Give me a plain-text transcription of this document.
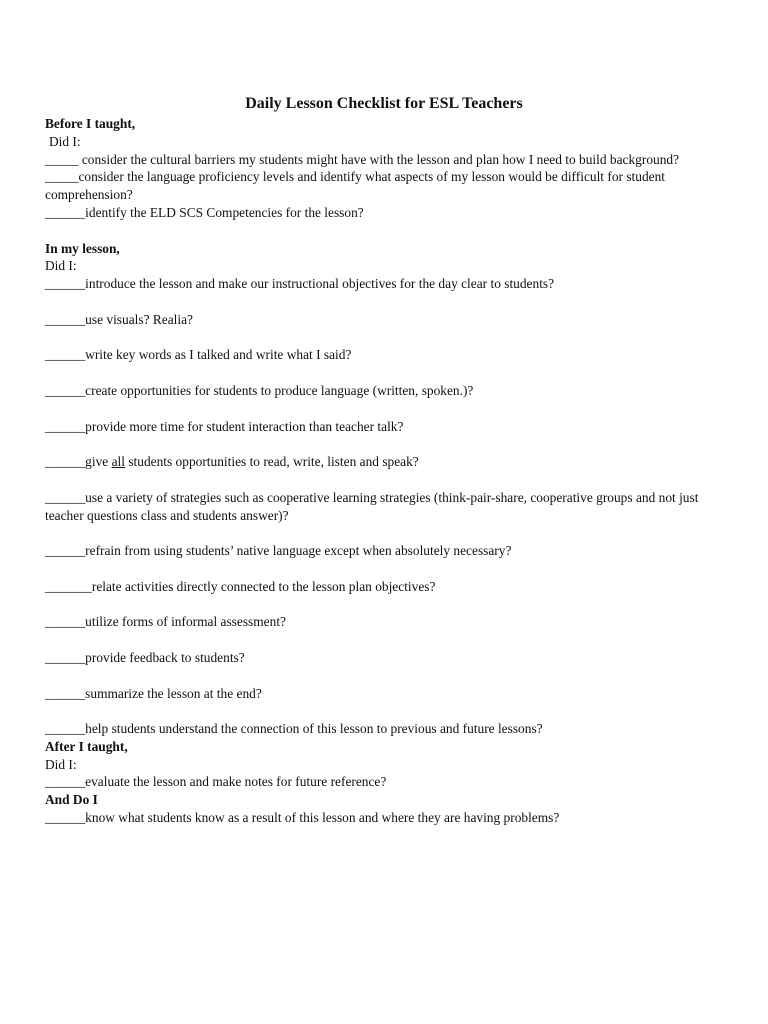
Daily Lesson Checklist for ESL Teachers

Before I taught,

Did I:

_____ consider the cultural barriers my students might have with the lesson and plan how I need to build background?

_____consider the language proficiency levels and identify what aspects of my lesson would be difficult for student comprehension?

______identify the ELD SCS Competencies for the lesson?

In my lesson,

Did I:

______introduce the lesson and make our instructional objectives for the day clear to students?

______use visuals? Realia?

______write key words as I talked and write what I said?

______create opportunities for students to produce language (written, spoken.)?

______provide more time for student interaction than teacher talk?

______give all students opportunities to read, write, listen and speak?

______use a variety of strategies such as cooperative learning strategies (think-pair-share, cooperative groups and not just teacher questions class and students answer)?

______refrain from using students’ native language except when absolutely necessary?

_______relate activities directly connected to the lesson plan objectives?

______utilize forms of informal assessment?

______provide feedback to students?

______summarize the lesson at the end?

______help students understand the connection of this lesson to previous and future lessons?

After I taught,

Did I:

______evaluate the lesson and make notes for future reference?

And Do I

______know what students know as a result of this lesson and where they are having problems?
